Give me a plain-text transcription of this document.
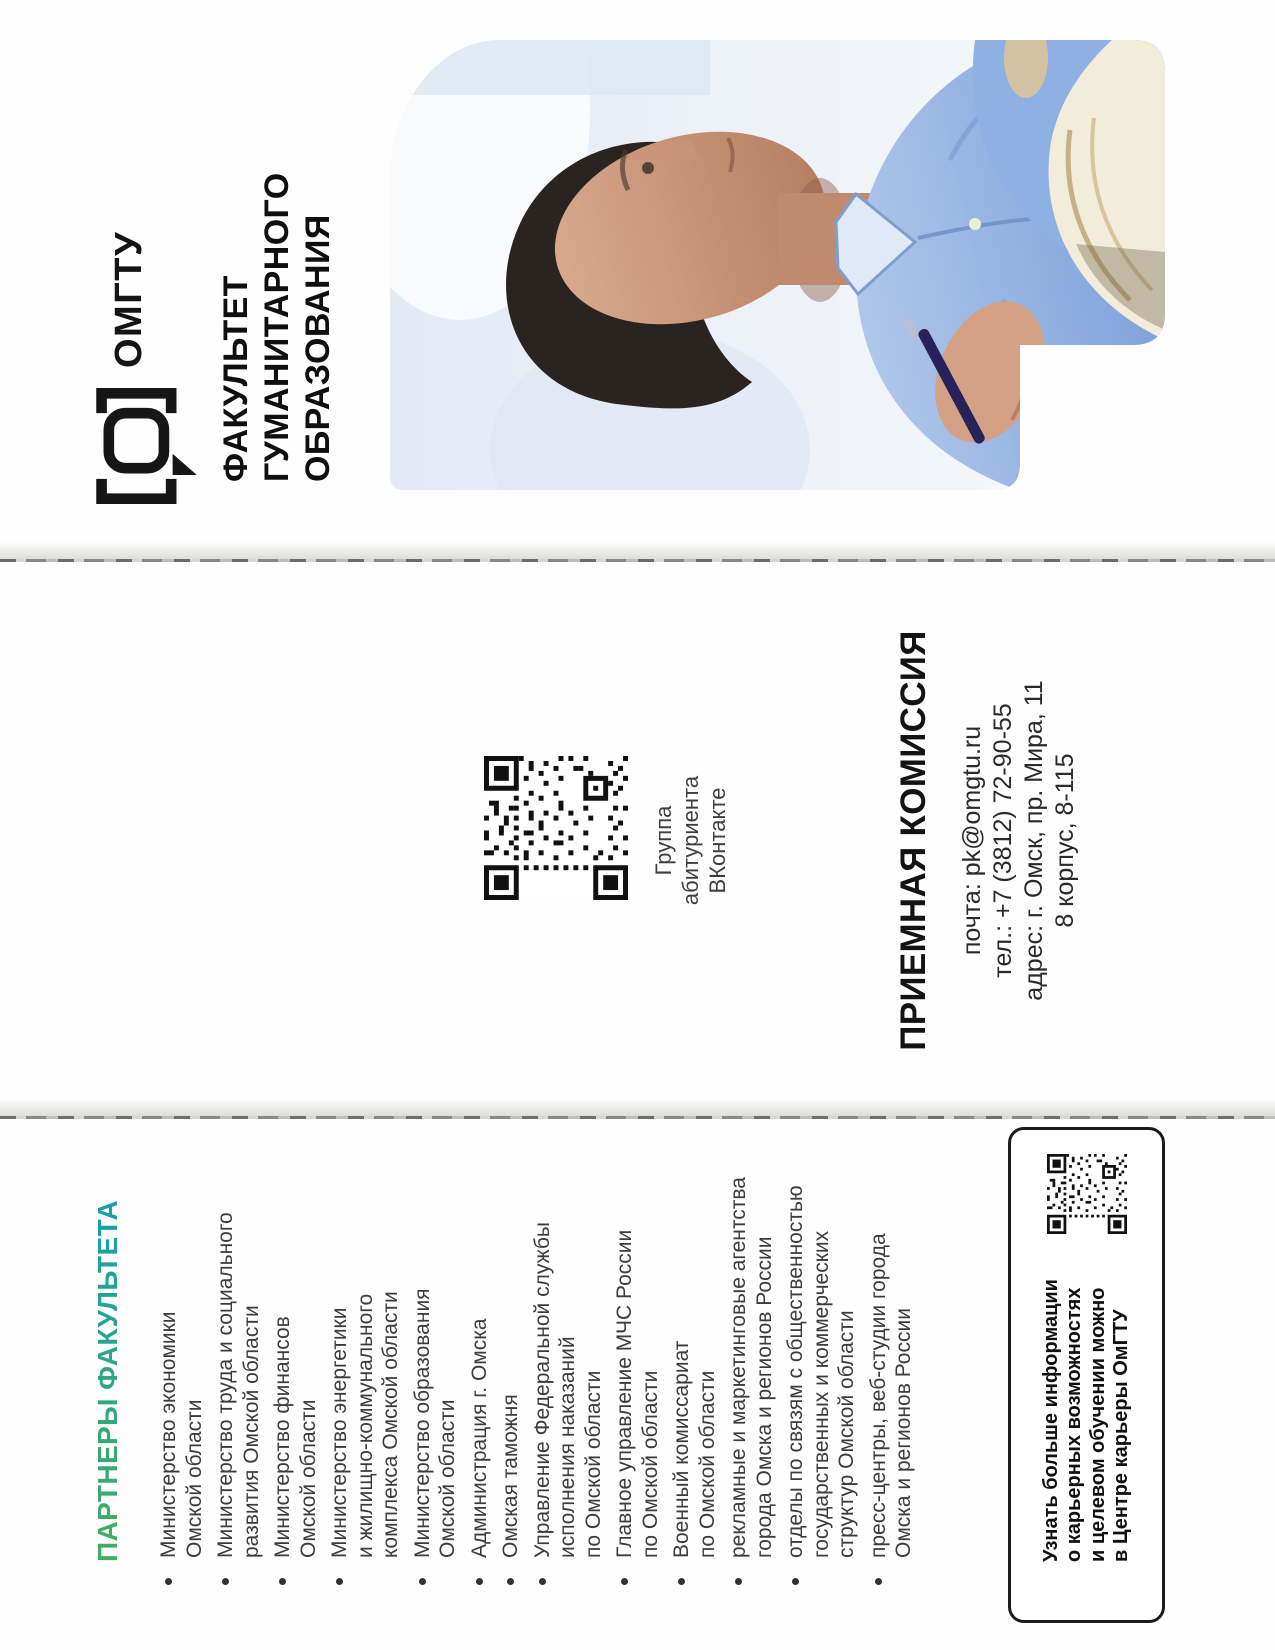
ПАРТНЕРЫ ФАКУЛЬТЕТА Министерство экономики Омской области Министерство труда и социального развития Омской области Министерство финансов Омской области Министерство энергетики и жилищно-коммунального комплекса Омской области Министерство образования Омской области Администрация г. Омска Омская таможня Управление Федеральной службы исполнения наказаний по Омской области Главное управление МЧС России по Омской области Военный комиссариат по Омской области рекламные и маркетинговые агентства города Омска и регионов России отделы по связям с общественностью государственных и коммерческих структур Омской области пресс-центры, веб-студии города Омска и регионов России	Узнать больше информации о карьерных возможностях и целевом обучении можно в Центре карьеры ОмГТУ
Группа абитуриента ВКонтакте	ПРИЕМНАЯ КОМИССИЯ почта: pk@omgtu.ru тел.: +7 (3812) 72-90-55 адрес: г. Омск, пр. Мира, 11 8 корпус, 8-115
ОМГТУ ФАКУЛЬТЕТ ГУМАНИТАРНОГО ОБРАЗОВАНИЯ
